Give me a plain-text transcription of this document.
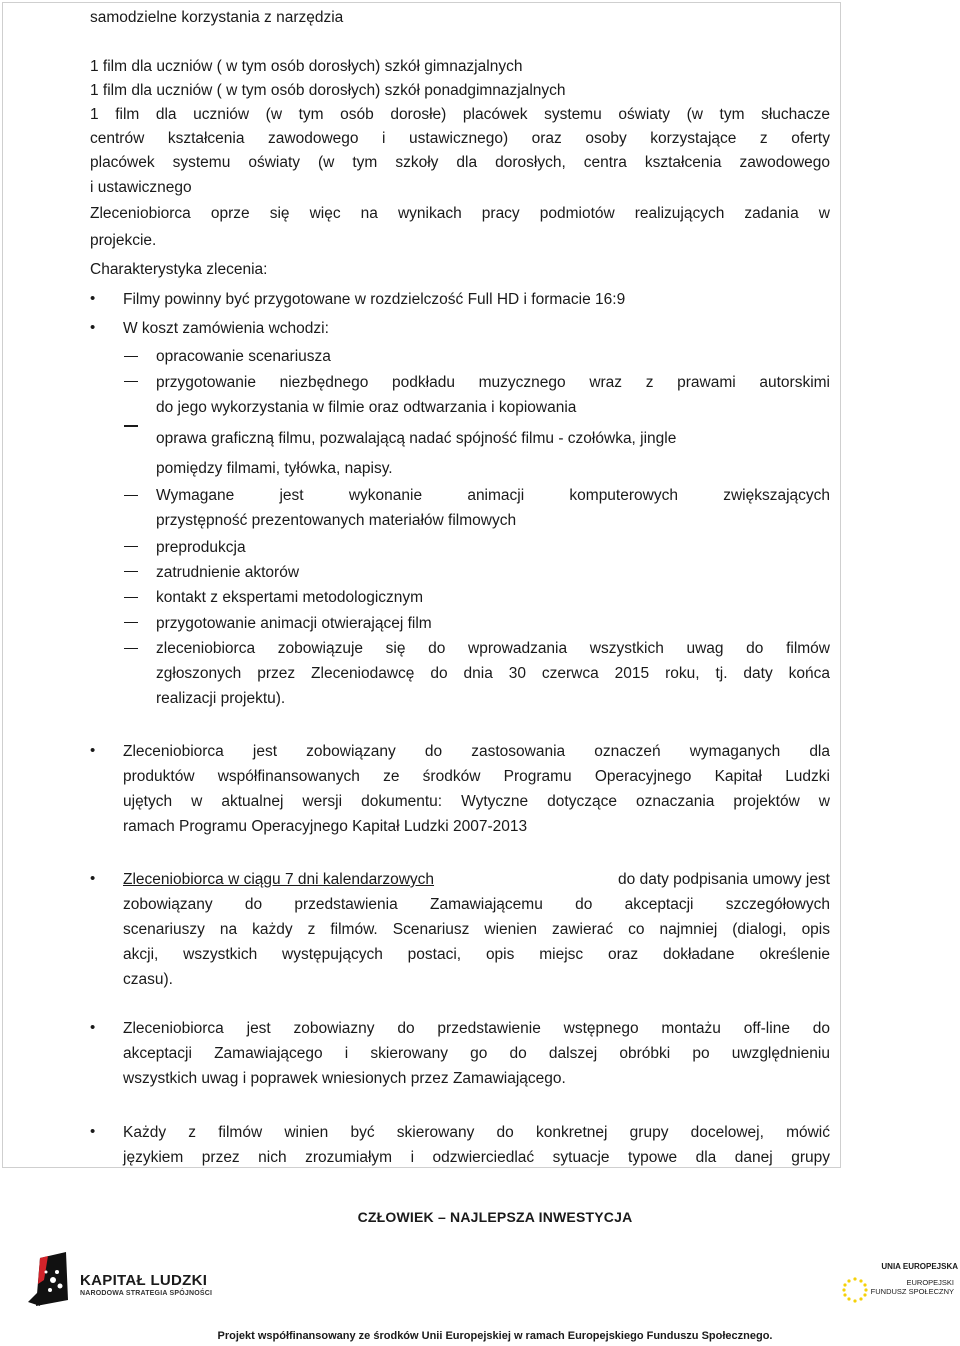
samodzielne korzystania z narzędzia

1 film dla uczniów ( w tym osób dorosłych) szkół gimnazjalnych

1 film dla uczniów ( w tym osób dorosłych) szkół ponadgimnazjalnych

1 film dla uczniów (w tym osób dorosłe) placówek systemu oświaty (w tym słuchacze

centrów kształcenia zawodowego i ustawicznego) oraz osoby korzystające z oferty

placówek systemu oświaty (w tym szkoły dla dorosłych, centra kształcenia zawodowego

i ustawicznego

Zleceniobiorca oprze się więc na wynikach pracy podmiotów realizujących zadania w

projekcie.

Charakterystyka zlecenia:

• Filmy powinny być przygotowane w rozdzielczość Full HD i formacie 16:9

• W koszt zamówienia wchodzi:

opracowanie scenariusza

przygotowanie niezbędnego podkładu muzycznego wraz z prawami autorskimi

do jego wykorzystania w filmie oraz odtwarzania i kopiowania

oprawa graficzną filmu, pozwalającą nadać spójność filmu - czołówka, jingle

pomiędzy filmami, tyłówka, napisy.

Wymagane jest wykonanie animacji komputerowych zwiększających

przystępność prezentowanych materiałów filmowych

preprodukcja

zatrudnienie aktorów

kontakt z ekspertami metodologicznym

przygotowanie animacji otwierającej film

zleceniobiorca zobowiązuje się do wprowadzania wszystkich uwag do filmów

zgłoszonych przez Zleceniodawcę do dnia 30 czerwca 2015 roku, tj. daty końca

realizacji projektu).

• Zleceniobiorca jest zobowiązany do zastosowania oznaczeń wymaganych dla

produktów współfinansowanych ze środków Programu Operacyjnego Kapitał Ludzki

ujętych w aktualnej wersji dokumentu: Wytyczne dotyczące oznaczania projektów w

ramach Programu Operacyjnego Kapitał Ludzki 2007-2013

• Zleceniobiorca w ciągu 7 dni kalendarzowych	do daty podpisania umowy jest

zobowiązany do przedstawienia Zamawiającemu do akceptacji szczegółowych

scenariuszy na każdy z filmów. Scenariusz wienien zawierać co najmniej (dialogi, opis

akcji, wszystkich występujących postaci, opis miejsc oraz dokładane określenie

czasu).

• Zleceniobiorca jest zobowiazny do przedstawienie wstępnego montażu off-line do

akceptacji Zamawiającego i skierowany go do dalszej obróbki po uwzględnieniu

wszystkich uwag i poprawek wniesionych przez Zamawiającego.

• Każdy z filmów winien być skierowany do konkretnej grupy docelowej, mówić

językiem przez nich zrozumiałym i odzwierciedlać sytuacje typowe dla danej grupy

CZŁOWIEK – NAJLEPSZA INWESTYCJA
KAPITAŁ LUDZKI
NARODOWA STRATEGIA SPÓJNOŚCI
UNIA EUROPEJSKA
EUROPEJSKI
FUNDUSZ SPOŁECZNY
Projekt współfinansowany ze środków Unii Europejskiej w ramach Europejskiego Funduszu Społecznego.
